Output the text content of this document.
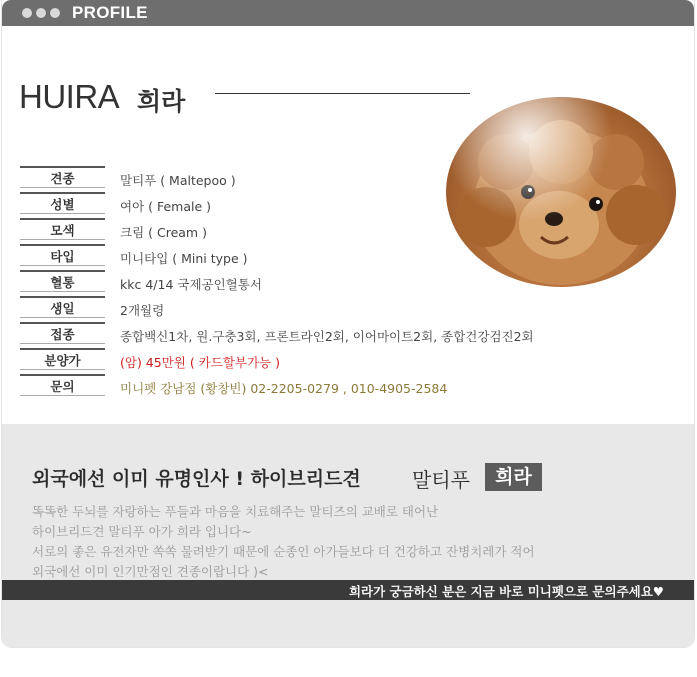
PROFILE
HUIRA 희라
견종	말티푸 ( Maltepoo )
성별	여아 ( Female )
모색	크림 ( Cream )
타입	미니타입 ( Mini type )
혈통	kkc 4/14 국제공인혈통서
생일	2개월령
접종	종합백신1차, 원.구충3회, 프론트라인2회, 이어마이트2회, 종합건강검진2회
분양가	(암) 45만원 ( 카드할부가능 )
문의	미니펫 강남점 (황창빈) 02-2205-0279 , 010-4905-2584
외국에선 이미 유명인사 ! 하이브리드견	말티푸	희라
똑똑한 두뇌를 자랑하는 푸들과 마음을 치료해주는 말티즈의 교배로 태어난
하이브리드견 말티푸 아가 희라 입니다~
서로의 좋은 유전자만 쏙쏙 물려받기 때문에 순종인 아가들보다 더 건강하고 잔병치레가 적어
외국에선 이미 인기만점인 견종이랍니다 )<
희라가 궁금하신 분은 지금 바로 미니펫으로 문의주세요♥
